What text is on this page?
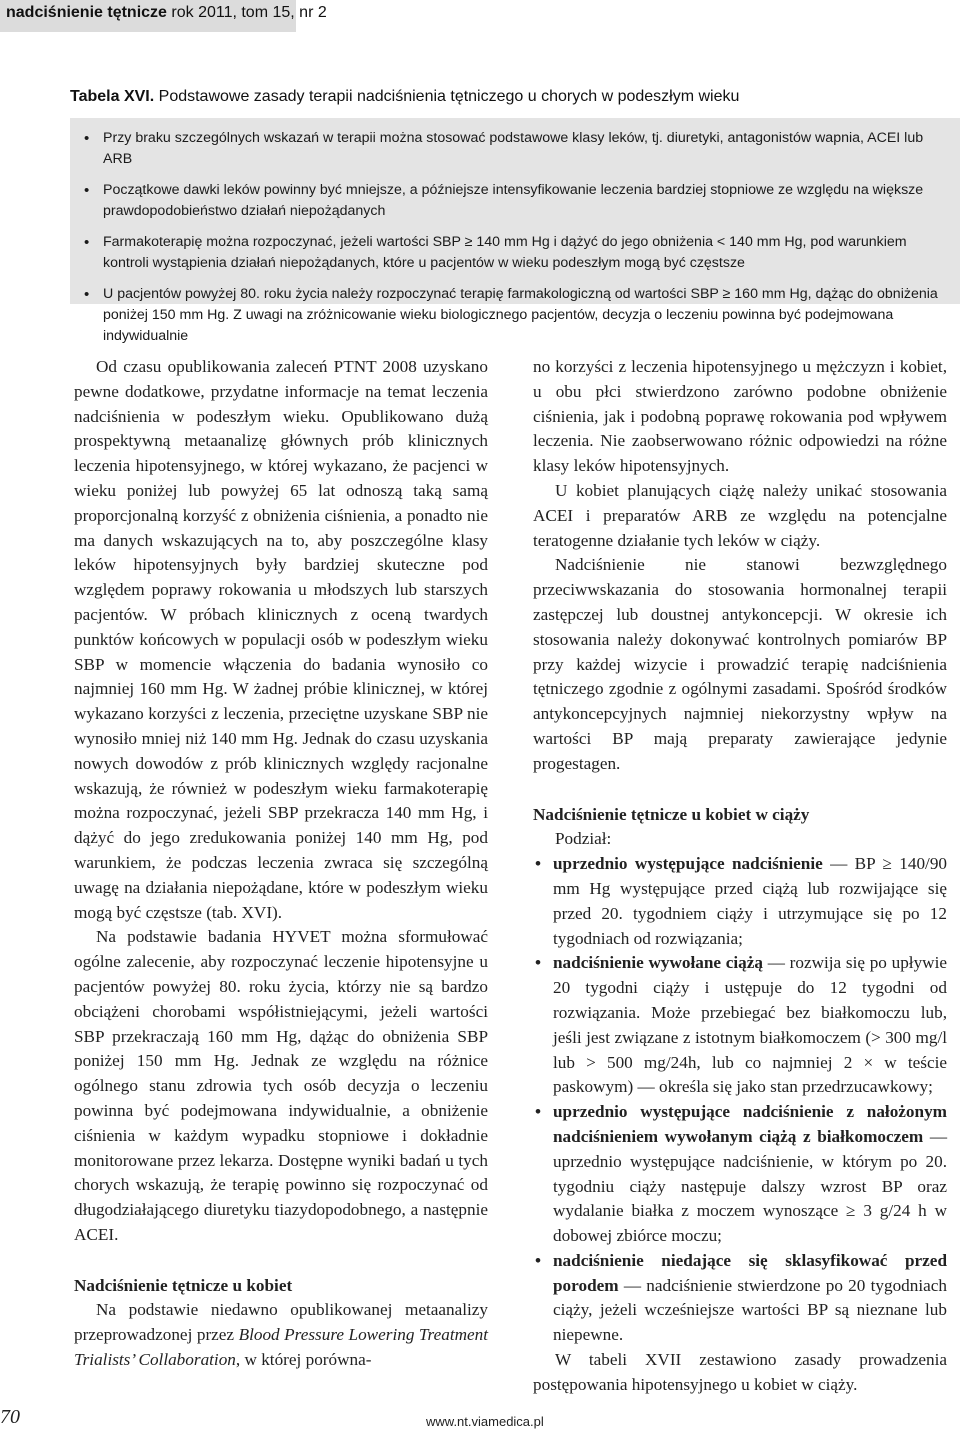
nadciśnienie tętnicze rok 2011, tom 15, nr 2
Tabela XVI. Podstawowe zasady terapii nadciśnienia tętniczego u chorych w podeszłym wieku
• Przy braku szczególnych wskazań w terapii można stosować podstawowe klasy leków, tj. diuretyki, antagonistów wapnia, ACEI lub ARB
• Początkowe dawki leków powinny być mniejsze, a późniejsze intensyfikowanie leczenia bardziej stopniowe ze względu na większe prawdopodobieństwo działań niepożądanych
• Farmakoterapię można rozpoczynać, jeżeli wartości SBP ≥ 140 mm Hg i dążyć do jego obniżenia < 140 mm Hg, pod warunkiem kontroli wystąpienia działań niepożądanych, które u pacjentów w wieku podeszłym mogą być częstsze
• U pacjentów powyżej 80. roku życia należy rozpoczynać terapię farmakologiczną od wartości SBP ≥ 160 mm Hg, dążąc do obniżenia poniżej 150 mm Hg. Z uwagi na zróżnicowanie wieku biologicznego pacjentów, decyzja o leczeniu powinna być podejmowana indywidualnie

Od czasu opublikowania zaleceń PTNT 2008 uzyskano pewne dodatkowe, przydatne informacje na temat leczenia nadciśnienia w podeszłym wieku. Opublikowano dużą prospektywną metaanalizę głównych prób klinicznych leczenia hipotensyjnego, w której wykazano, że pacjenci w wieku poniżej lub powyżej 65 lat odnoszą taką samą proporcjonalną korzyść z obniżenia ciśnienia, a ponadto nie ma danych wskazujących na to, aby poszczególne klasy leków hipotensyjnych były bardziej skuteczne pod względem poprawy rokowania u młodszych lub starszych pacjentów. W próbach klinicznych z oceną twardych punktów końcowych w populacji osób w podeszłym wieku SBP w momencie włączenia do badania wynosiło co najmniej 160 mm Hg. W żadnej próbie klinicznej, w której wykazano korzyści z leczenia, przeciętne uzyskane SBP nie wynosiło mniej niż 140 mm Hg. Jednak do czasu uzyskania nowych dowodów z prób klinicznych względy racjonalne wskazują, że również w podeszłym wieku farmakoterapię można rozpoczynać, jeżeli SBP przekracza 140 mm Hg, i dążyć do jego zredukowania poniżej 140 mm Hg, pod warunkiem, że podczas leczenia zwraca się szczególną uwagę na działania niepożądane, które w podeszłym wieku mogą być częstsze (tab. XVI).

Na podstawie badania HYVET można sformułować ogólne zalecenie, aby rozpoczynać leczenie hipotensyjne u pacjentów powyżej 80. roku życia, którzy nie są bardzo obciążeni chorobami współistniejącymi, jeżeli wartości SBP przekraczają 160 mm Hg, dążąc do obniżenia SBP poniżej 150 mm Hg. Jednak ze względu na różnice ogólnego stanu zdrowia tych osób decyzja o leczeniu powinna być podejmowana indywidualnie, a obniżenie ciśnienia w każdym wypadku stopniowe i dokładnie monitorowane przez lekarza. Dostępne wyniki badań u tych chorych wskazują, że terapię powinno się rozpoczynać od długodziałającego diuretyku tiazydopodobnego, a następnie ACEI.

Nadciśnienie tętnicze u kobiet

Na podstawie niedawno opublikowanej metaanalizy przeprowadzonej przez Blood Pressure Lowering Treatment Trialists’ Collaboration, w której porówna-

no korzyści z leczenia hipotensyjnego u mężczyzn i kobiet, u obu płci stwierdzono zarówno podobne obniżenie ciśnienia, jak i podobną poprawę rokowania pod wpływem leczenia. Nie zaobserwowano różnic odpowiedzi na różne klasy leków hipotensyjnych.

U kobiet planujących ciążę należy unikać stosowania ACEI i preparatów ARB ze względu na potencjalne teratogenne działanie tych leków w ciąży.

Nadciśnienie nie stanowi bezwzględnego przeciwwskazania do stosowania hormonalnej terapii zastępczej lub doustnej antykoncepcji. W okresie ich stosowania należy dokonywać kontrolnych pomiarów BP przy każdej wizycie i prowadzić terapię nadciśnienia tętniczego zgodnie z ogólnymi zasadami. Spośród środków antykoncepcyjnych najmniej niekorzystny wpływ na wartości BP mają preparaty zawierające jedynie progestagen.

Nadciśnienie tętnicze u kobiet w ciąży
Podział:
• uprzednio występujące nadciśnienie — BP ≥ 140/90 mm Hg występujące przed ciążą lub rozwijające się przed 20. tygodniem ciąży i utrzymujące się po 12 tygodniach od rozwiązania;
• nadciśnienie wywołane ciążą — rozwija się po upływie 20 tygodni ciąży i ustępuje do 12 tygodni od rozwiązania. Może przebiegać bez białkomoczu lub, jeśli jest związane z istotnym białkomoczem (> 300 mg/l lub > 500 mg/24h, lub co najmniej 2 × w teście paskowym) — określa się jako stan przedrzucawkowy;
• uprzednio występujące nadciśnienie z nałożonym nadciśnieniem wywołanym ciążą z białkomoczem — uprzednio występujące nadciśnienie, w którym po 20. tygodniu ciąży następuje dalszy wzrost BP oraz wydalanie białka z moczem wynoszące ≥ 3 g/24 h w dobowej zbiórce moczu;
• nadciśnienie niedające się sklasyfikować przed porodem — nadciśnienie stwierdzone po 20 tygodniach ciąży, jeżeli wcześniejsze wartości BP są nieznane lub niepewne.

W tabeli XVII zestawiono zasady prowadzenia postępowania hipotensyjnego u kobiet w ciąży.

70	www.nt.viamedica.pl
